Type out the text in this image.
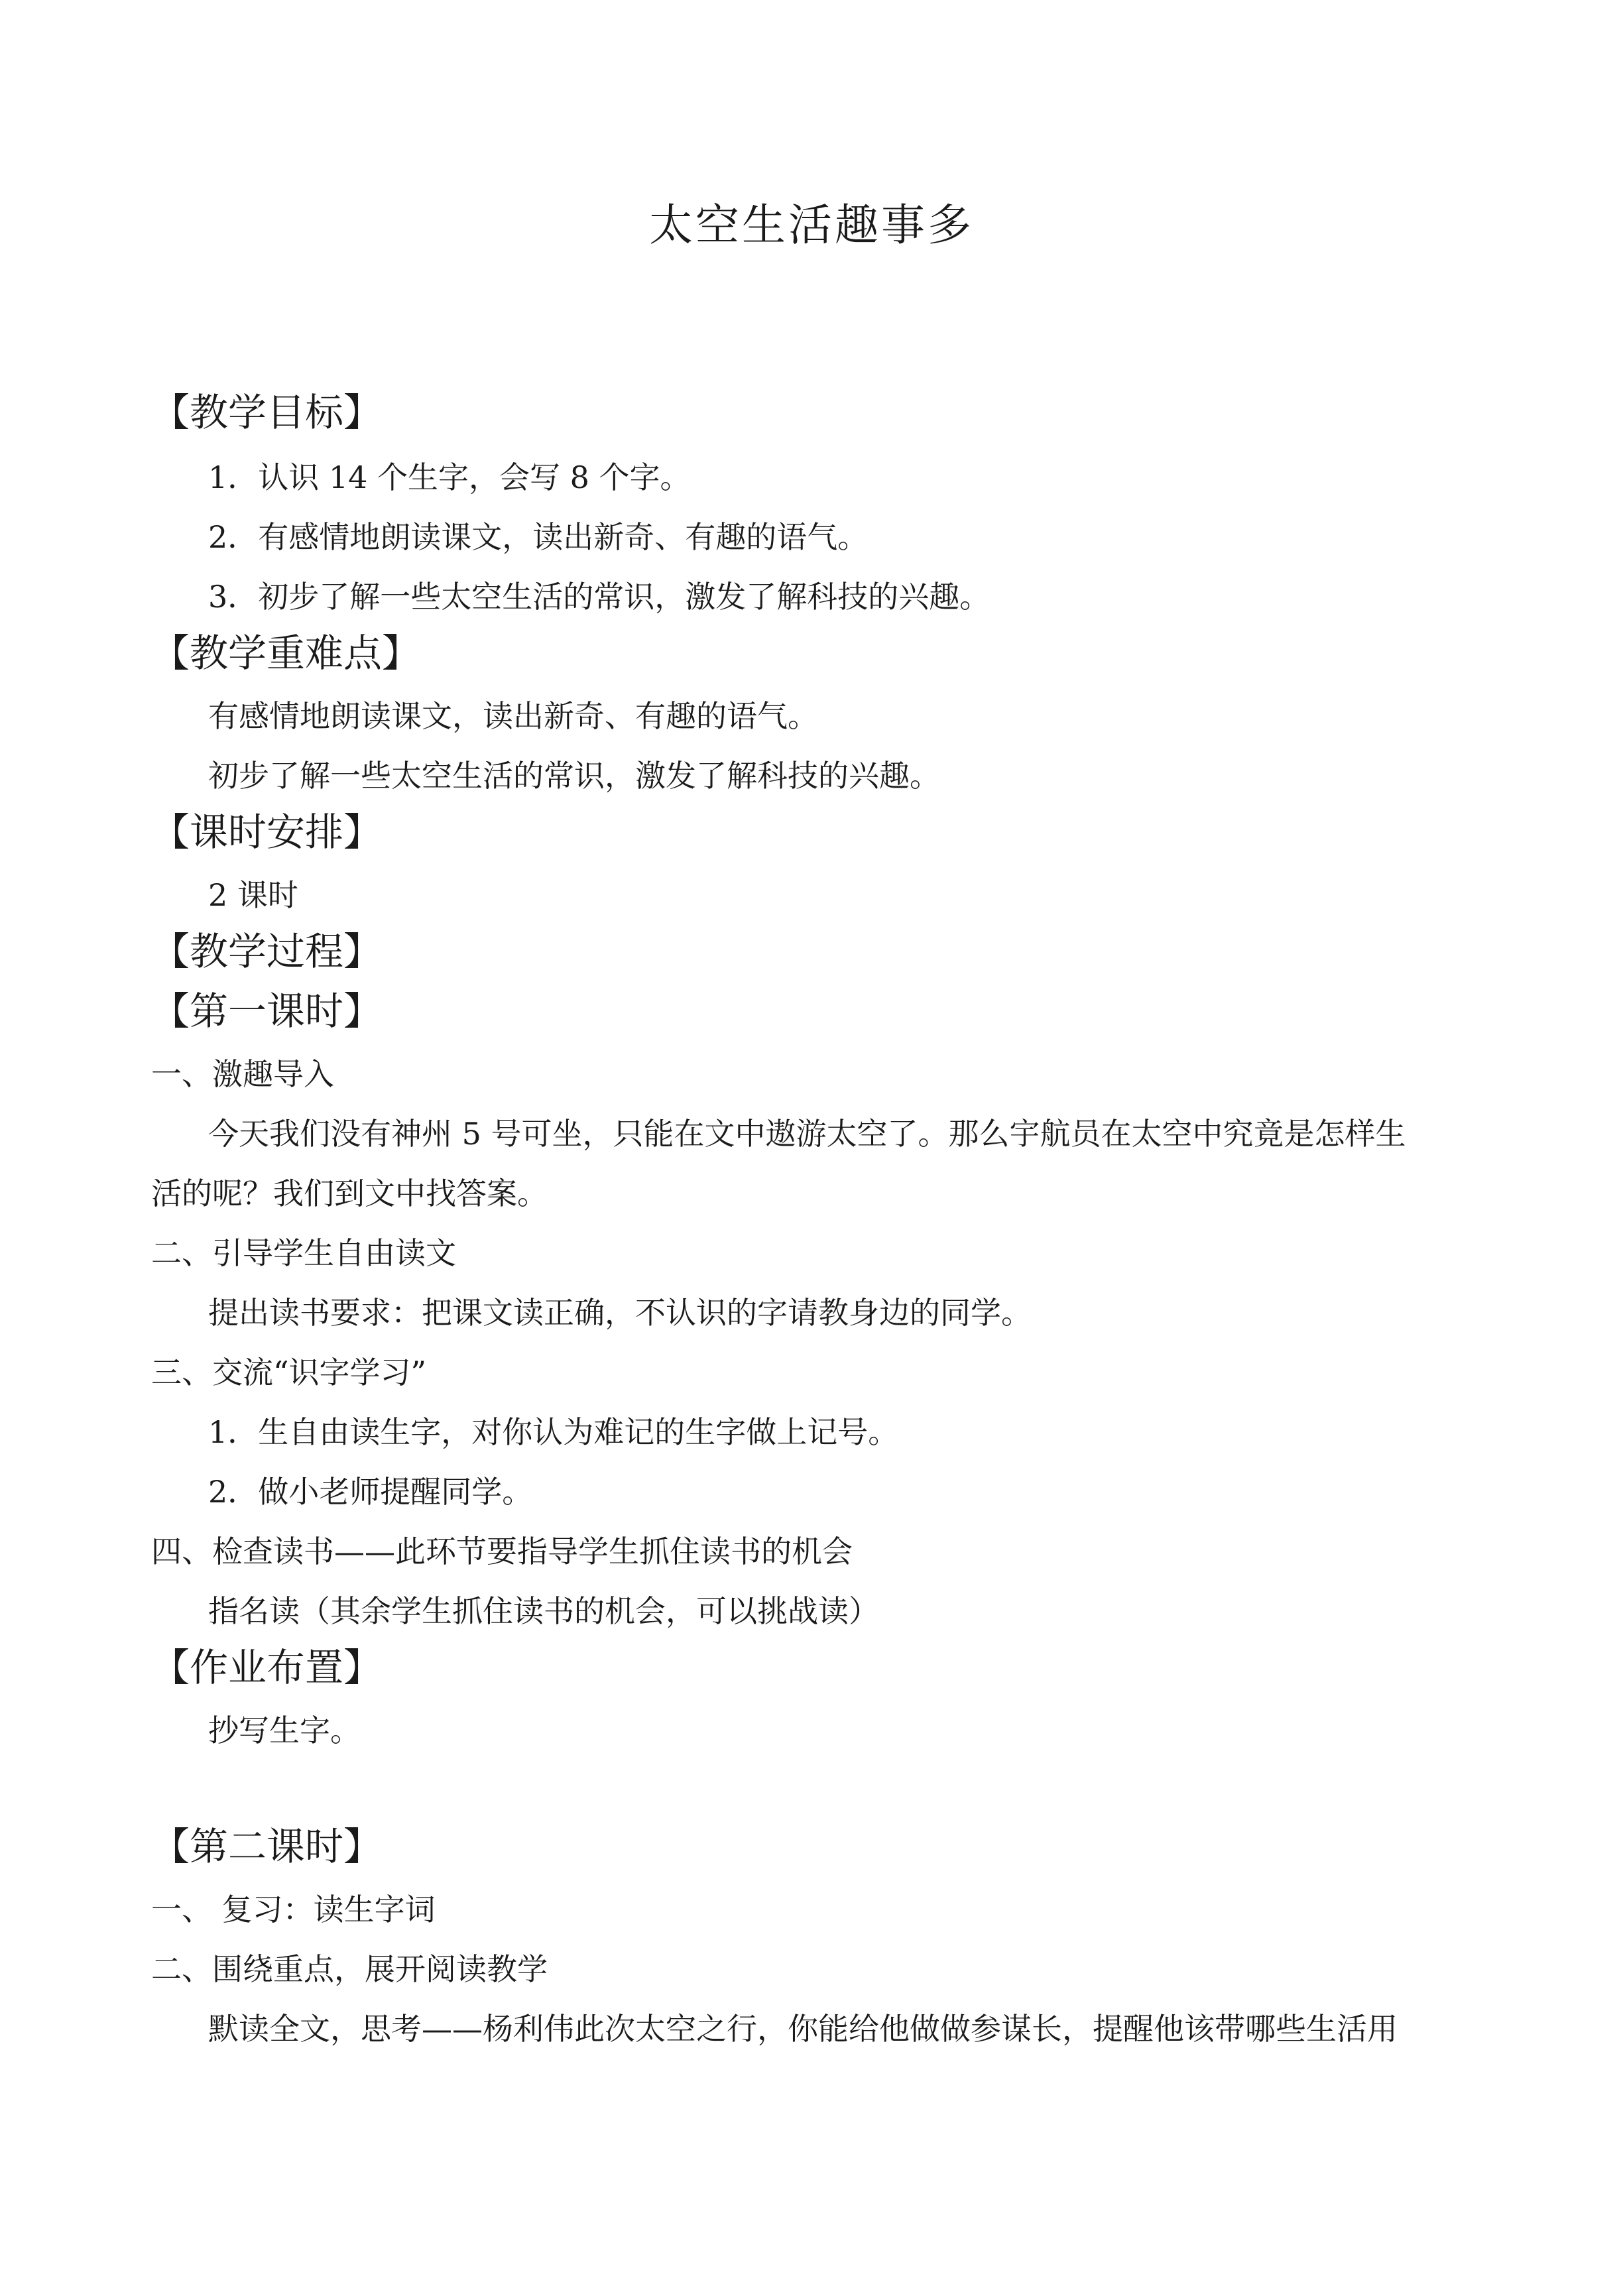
太空生活趣事多
【教学目标】
1．认识 14 个生字，会写 8 个字。
2．有感情地朗读课文，读出新奇、有趣的语气。
3．初步了解一些太空生活的常识，激发了解科技的兴趣。
【教学重难点】
有感情地朗读课文，读出新奇、有趣的语气。
初步了解一些太空生活的常识，激发了解科技的兴趣。
【课时安排】
2 课时
【教学过程】
【第一课时】
一、激趣导入
今天我们没有神州 5 号可坐，只能在文中遨游太空了。那么宇航员在太空中究竟是怎样生
活的呢？我们到文中找答案。
二、引导学生自由读文
提出读书要求：把课文读正确，不认识的字请教身边的同学。
三、交流“识字学习”
1．生自由读生字，对你认为难记的生字做上记号。
2．做小老师提醒同学。
四、检查读书——此环节要指导学生抓住读书的机会
指名读（其余学生抓住读书的机会，可以挑战读）
【作业布置】
抄写生字。
【第二课时】
一、 复习：读生字词
二、围绕重点，展开阅读教学
默读全文，思考——杨利伟此次太空之行，你能给他做做参谋长，提醒他该带哪些生活用
